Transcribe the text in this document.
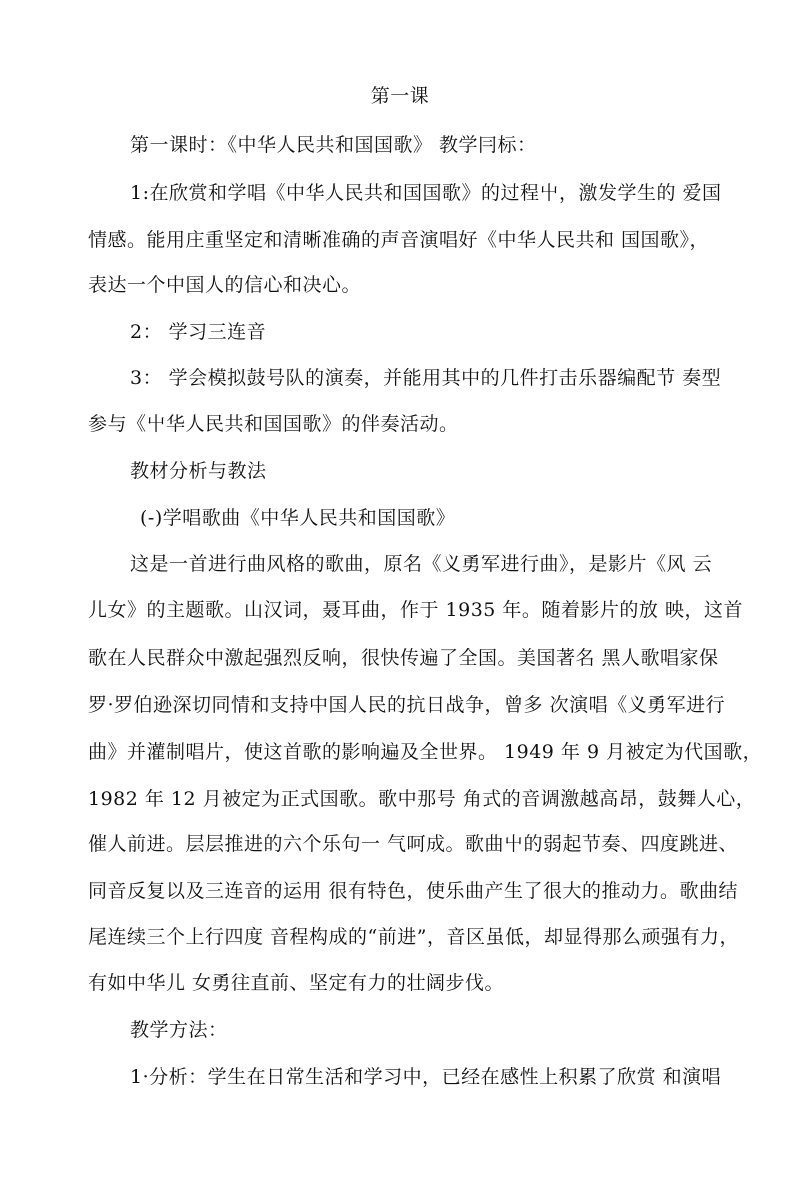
第一课
第一课时：《中华人民共和国国歌》 教学冃标：
1:在欣赏和学唱《中华人民共和国国歌》的过程屮，激发学生的 爱国
情感。能用庄重坚定和清晰准确的声音演唱好《中华人民共和 国国歌》，
表达一个中国人的信心和决心。
2： 学习三连音
3： 学会模拟鼓号队的演奏，并能用其中的几件打击乐器编配节 奏型
参与《屮华人民共和国国歌》的伴奏活动。
教材分析与教法
(-)学唱歌曲《中华人民共和国国歌》
这是一首进行曲风格的歌曲，原名《义勇军进行曲》，是影片《风 云
儿女》的主题歌。山汉词，聂耳曲，作于 1935 年。随着影片的放 映，这首
歌在人民群众中激起强烈反响，很快传遍了全国。美国著名 黑人歌唱家保
罗·罗伯逊深切同情和支持中国人民的抗日战争，曾多 次演唱《义勇军进行
曲》并灌制唱片，使这首歌的影响遍及全世界。 1949 年 9 月被定为代国歌，
1982 年 12 月被定为正式国歌。歌中那号 角式的音调激越高昂，鼓舞人心，
催人前进。层层推进的六个乐句一 气呵成。歌曲屮的弱起节奏、四度跳进、
同音反复以及三连音的运用 很有特色，使乐曲产生了很大的推动力。歌曲结
尾连续三个上行四度 音程构成的“前进”，音区虽低，却显得那么顽强有力，
有如中华儿 女勇往直前、坚定有力的壮阔步伐。
教学方法：
1·分析：学生在日常生活和学习中，已经在感性上积累了欣赏 和演唱
